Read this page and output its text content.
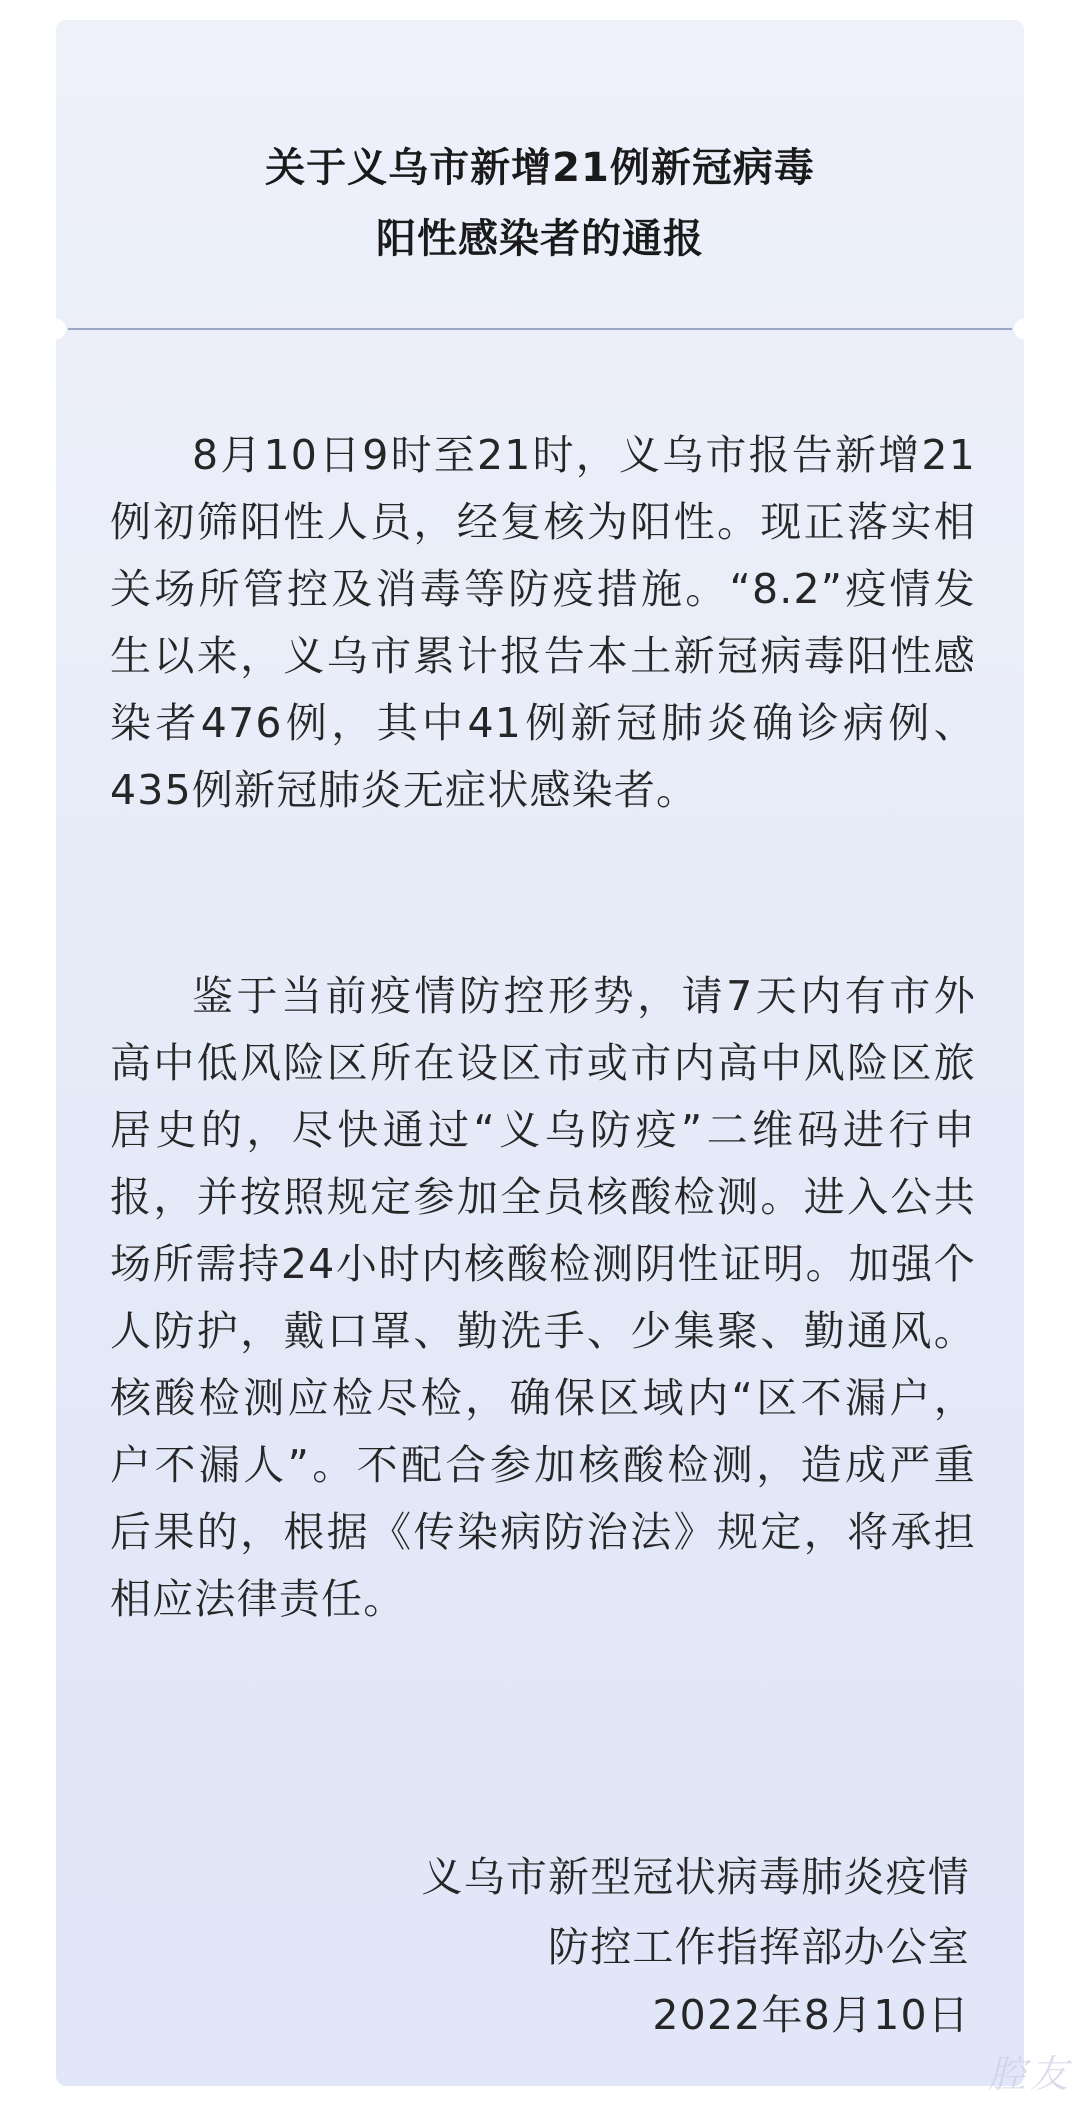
关于义乌市新增21例新冠病毒
阳性感染者的通报
8月10日9时至21时，义乌市报告新增21例初筛阳性人员，经复核为阳性。现正落实相关场所管控及消毒等防疫措施。“8.2”疫情发生以来，义乌市累计报告本土新冠病毒阳性感染者476例，其中41例新冠肺炎确诊病例、435例新冠肺炎无症状感染者。
鉴于当前疫情防控形势，请7天内有市外高中低风险区所在设区市或市内高中风险区旅居史的，尽快通过“义乌防疫”二维码进行申报，并按照规定参加全员核酸检测。进入公共场所需持24小时内核酸检测阴性证明。加强个人防护，戴口罩、勤洗手、少集聚、勤通风。核酸检测应检尽检，确保区域内“区不漏户，户不漏人”。不配合参加核酸检测，造成严重后果的，根据《传染病防治法》规定，将承担相应法律责任。
义乌市新型冠状病毒肺炎疫情
防控工作指挥部办公室
2022年8月10日
腔友
